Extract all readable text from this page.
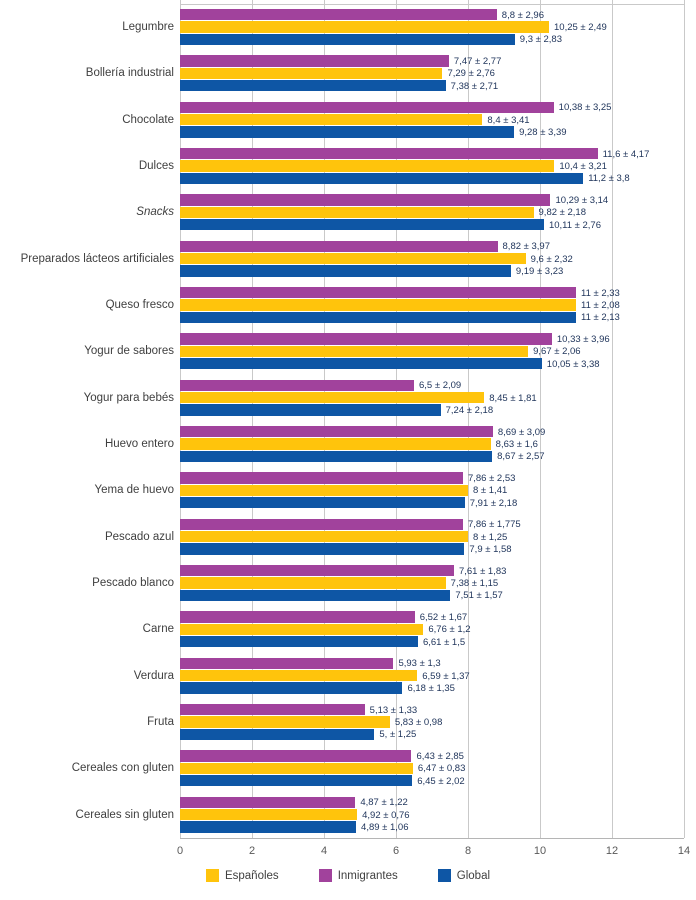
0	2	4	6	8	10	12	14
Legumbre
8,8 ± 2,96
10,25 ± 2,49
9,3 ± 2,83
Bollería industrial
7,47 ± 2,77
7,29 ± 2,76
7,38 ± 2,71
Chocolate
10,38 ± 3,25
8,4 ± 3,41
9,28 ± 3,39
Dulces
11,6 ± 4,17
10,4 ± 3,21
11,2 ± 3,8
Snacks
10,29 ± 3,14
9,82 ± 2,18
10,11 ± 2,76
Preparados lácteos artificiales
8,82 ± 3,97
9,6 ± 2,32
9,19 ± 3,23
Queso fresco
11 ± 2,33
11 ± 2,08
11 ± 2,13
Yogur de sabores
10,33 ± 3,96
9,67 ± 2,06
10,05 ± 3,38
Yogur para bebés
6,5 ± 2,09
8,45 ± 1,81
7,24 ± 2,18
Huevo entero
8,69 ± 3,09
8,63 ± 1,6
8,67 ± 2,57
Yema de huevo
7,86 ± 2,53
8 ± 1,41
7,91 ± 2,18
Pescado azul
7,86 ± 1,775
8 ± 1,25
7,9 ± 1,58
Pescado blanco
7,61 ± 1,83
7,38 ± 1,15
7,51 ± 1,57
Carne
6,52 ± 1,67
6,76 ± 1,2
6,61 ± 1,5
Verdura
5,93 ± 1,3
6,59 ± 1,37
6,18 ± 1,35
Fruta
5,13 ± 1,33
5,83 ± 0,98
5, ± 1,25
Cereales con gluten
6,43 ± 2,85
6,47 ± 0,83
6,45 ± 2,02
Cereales sin gluten
4,87 ± 1,22
4,92 ± 0,76
4,89 ± 1,06
Españoles	Inmigrantes	Global
